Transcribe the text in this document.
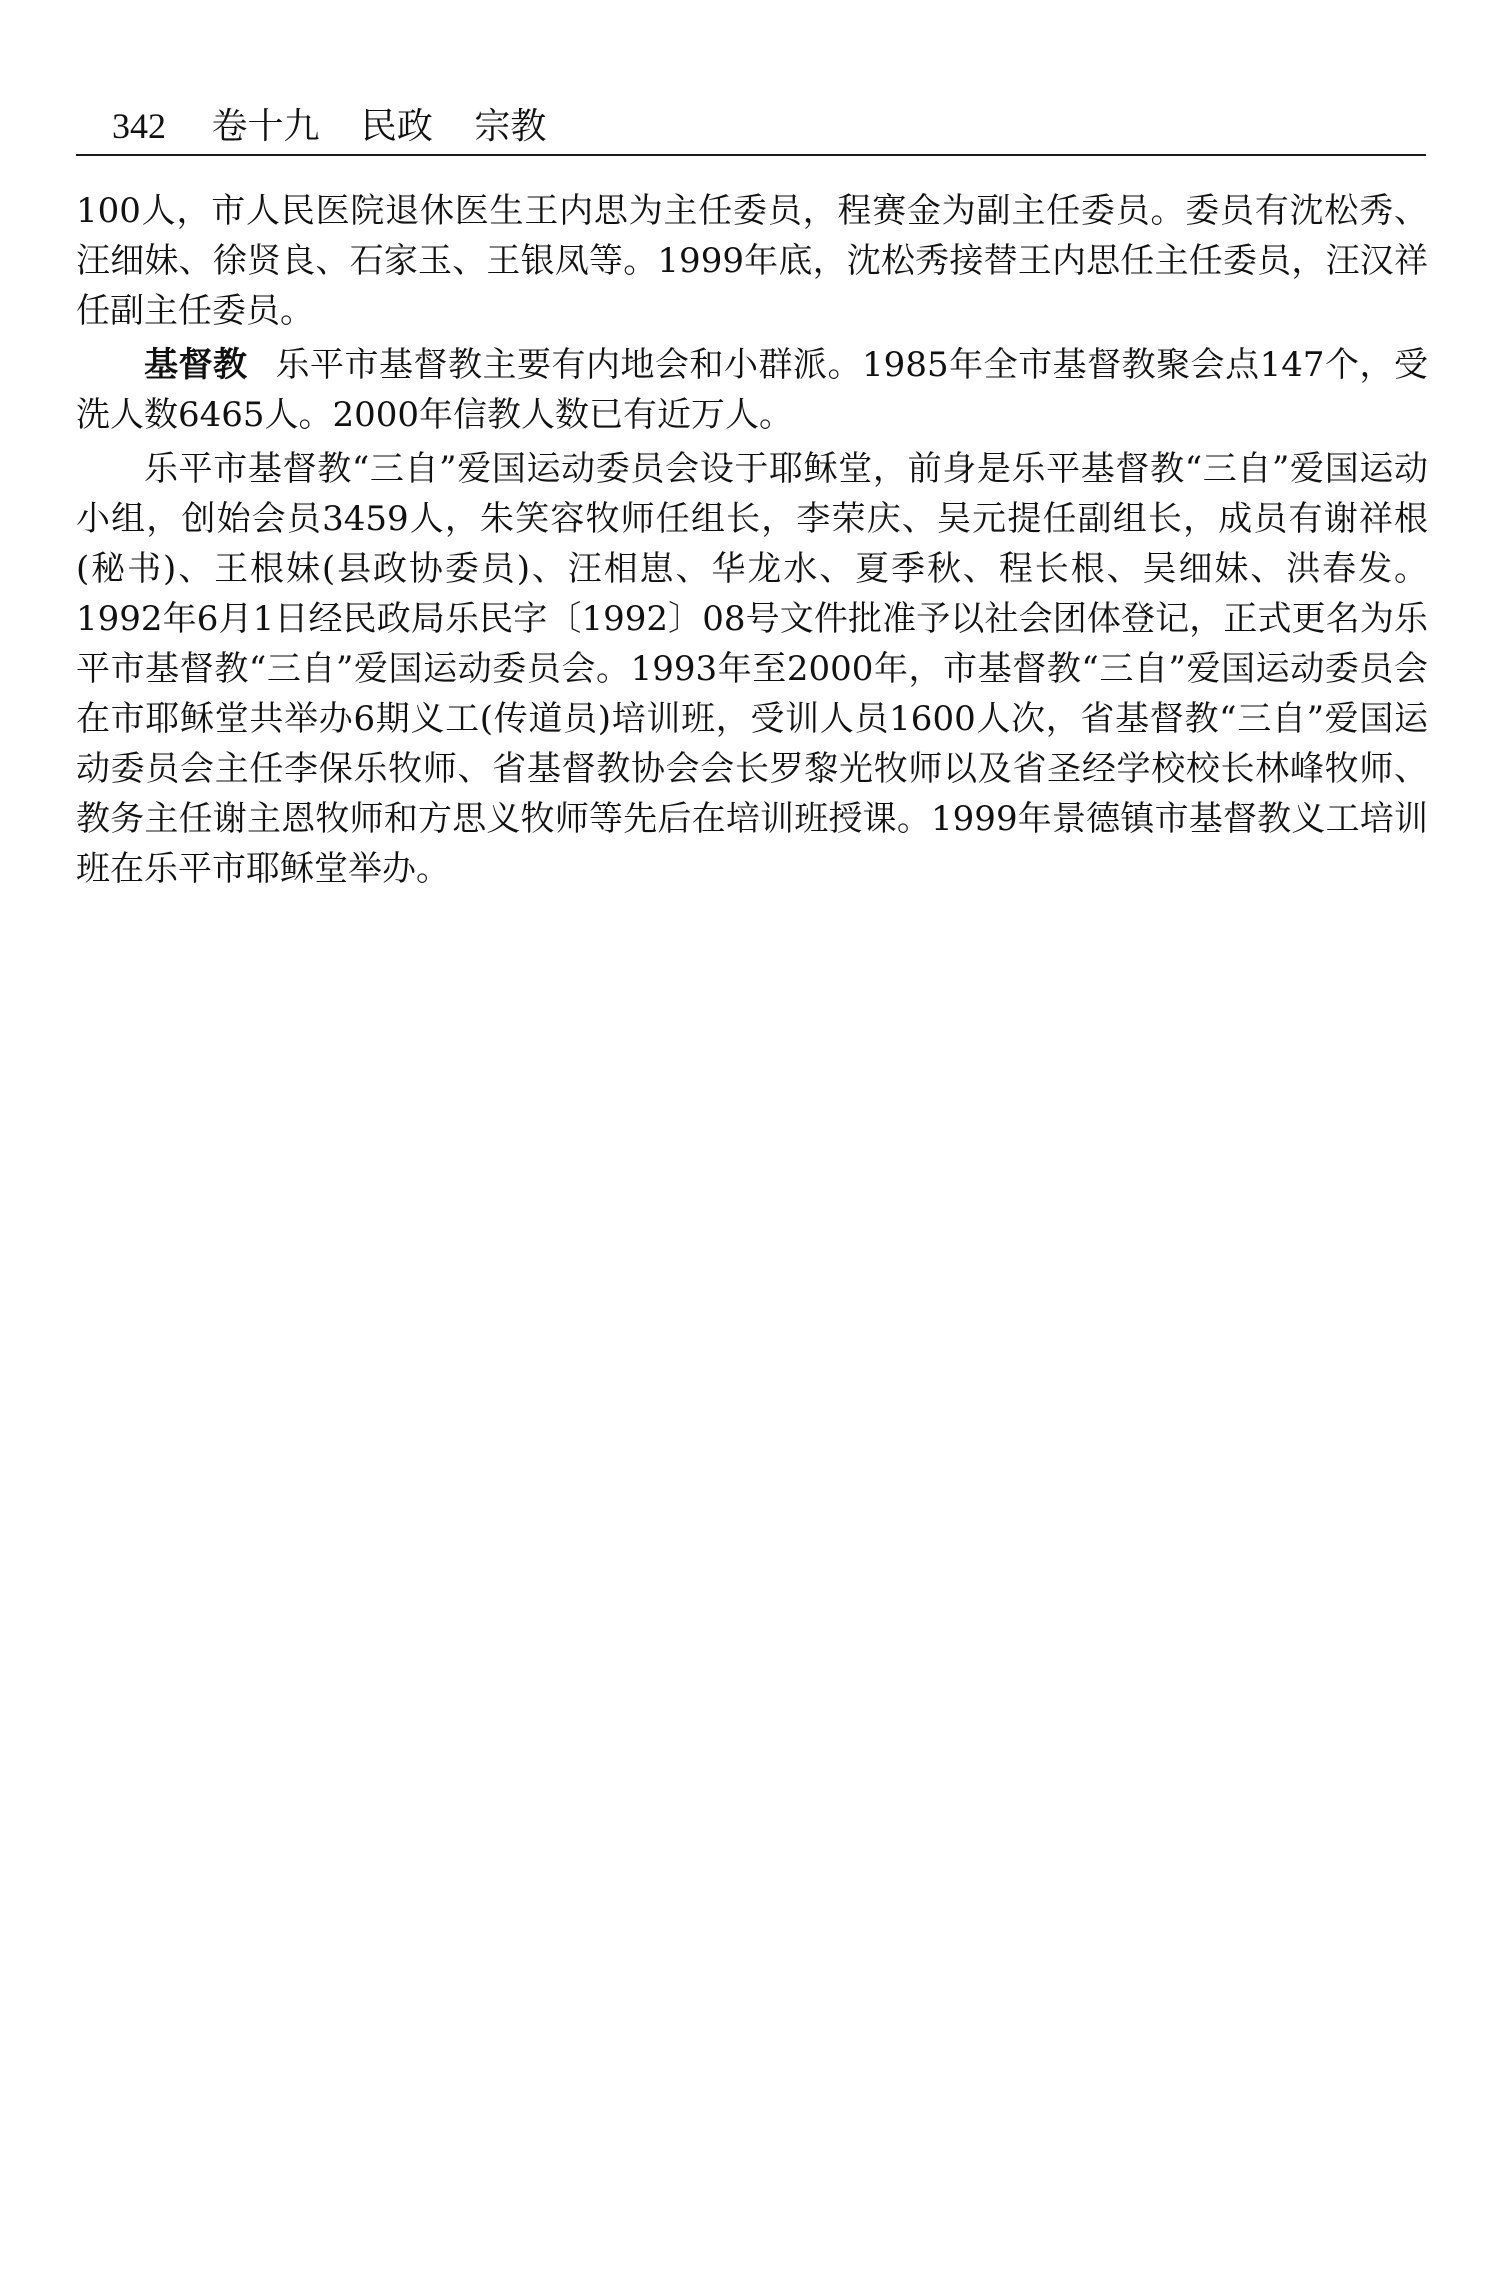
342 卷十九 民政 宗教

100人，市人民医院退休医生王内思为主任委员，程赛金为副主任委员。委员有沈松秀、汪细妹、徐贤良、石家玉、王银凤等。1999年底，沈松秀接替王内思任主任委员，汪汉祥任副主任委员。

基督教 乐平市基督教主要有内地会和小群派。1985年全市基督教聚会点147个，受洗人数6465人。2000年信教人数已有近万人。

乐平市基督教“三自”爱国运动委员会设于耶稣堂，前身是乐平基督教“三自”爱国运动小组，创始会员3459人，朱笑容牧师任组长，李荣庆、吴元提任副组长，成员有谢祥根(秘书)、王根妹(县政协委员)、汪相崽、华龙水、夏季秋、程长根、吴细妹、洪春发。1992年6月1日经民政局乐民字〔1992〕08号文件批准予以社会团体登记，正式更名为乐平市基督教“三自”爱国运动委员会。1993年至2000年，市基督教“三自”爱国运动委员会在市耶稣堂共举办6期义工(传道员)培训班，受训人员1600人次，省基督教“三自”爱国运动委员会主任李保乐牧师、省基督教协会会长罗黎光牧师以及省圣经学校校长林峰牧师、教务主任谢主恩牧师和方思义牧师等先后在培训班授课。1999年景德镇市基督教义工培训班在乐平市耶稣堂举办。
